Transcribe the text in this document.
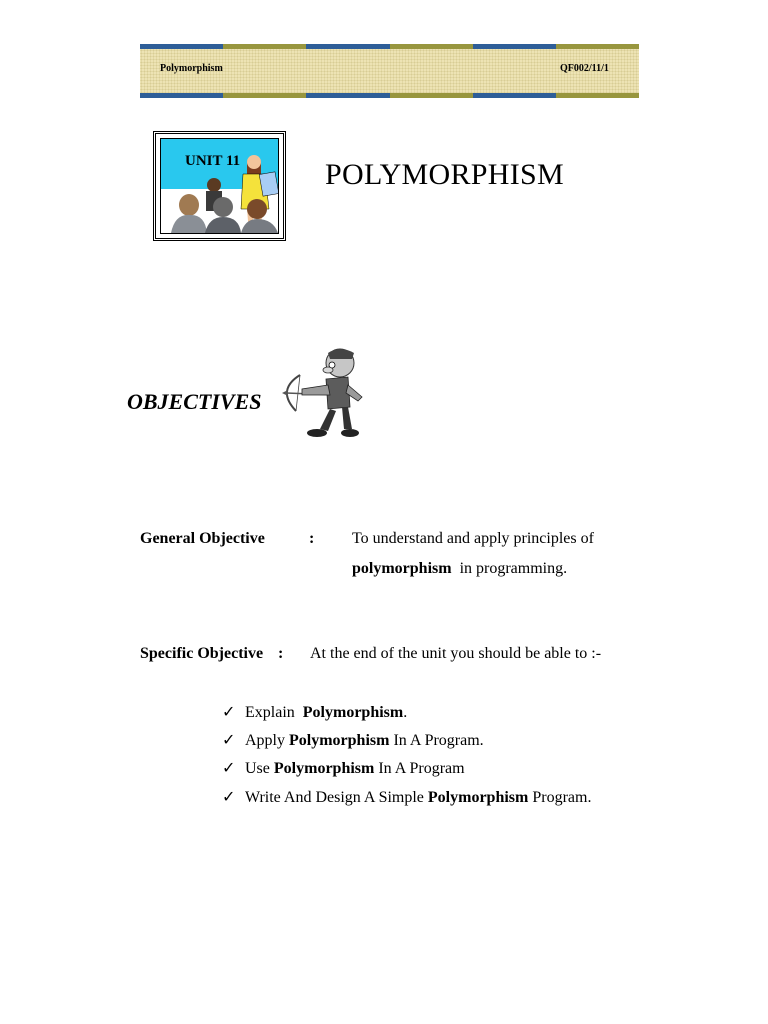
Polymorphism	QF002/11/1
UNIT 11	POLYMORPHISM
OBJECTIVES
General Objective	: To understand and apply principles of
polymorphism in programming.
Specific Objective : At the end of the unit you should be able to :-
✓ Explain  Polymorphism.
✓ Apply Polymorphism In A Program.
✓ Use Polymorphism In A Program
✓ Write And Design A Simple Polymorphism Program.
